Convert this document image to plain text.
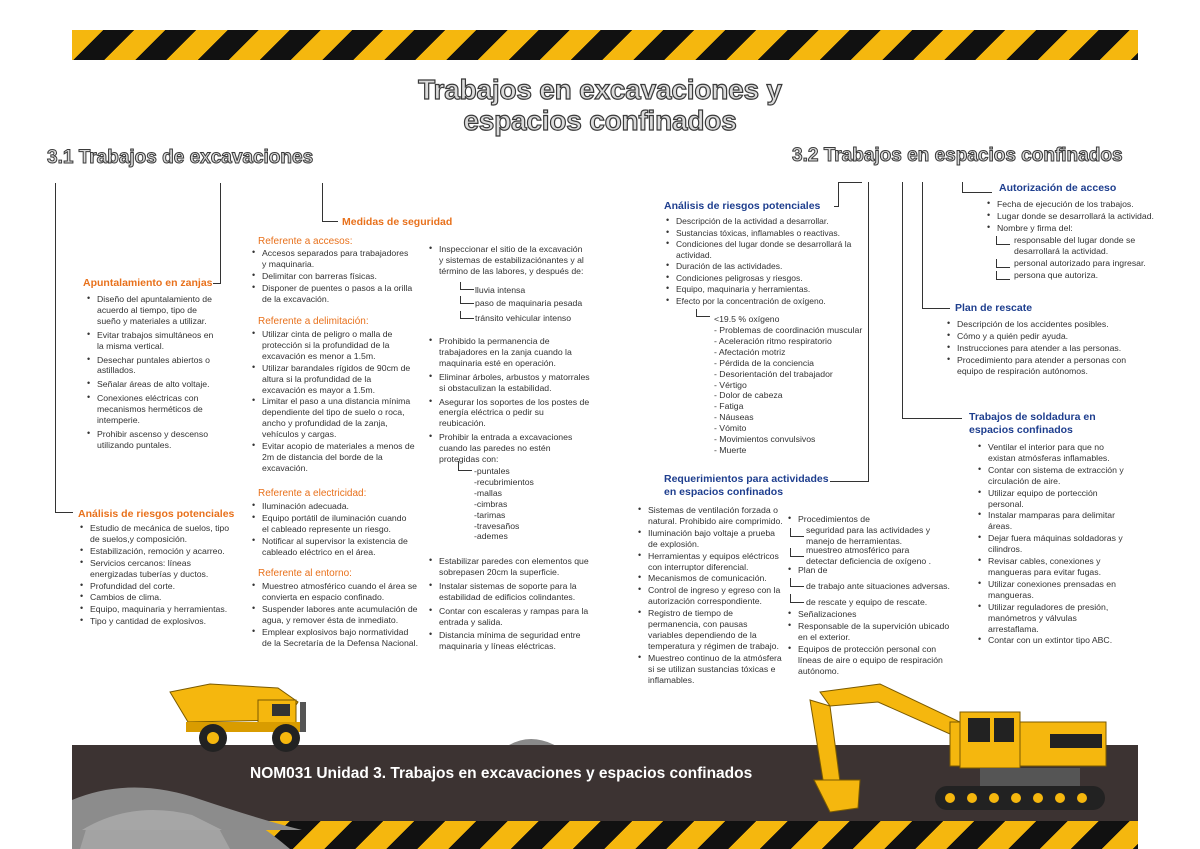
Trabajos en excavaciones y
espacios confinados
3.1 Trabajos de excavaciones	3.2 Trabajos en espacios confinados
Apuntalamiento en zanjas
• Diseño del apuntalamiento de acuerdo al tiempo, tipo de sueño y materiales a utilizar.
• Evitar trabajos simultáneos en la misma vertical.
• Desechar puntales abiertos o astillados.
• Señalar áreas de alto voltaje.
• Conexiones eléctricas con mecanismos herméticos de intemperie.
• Prohibir ascenso y descenso utilizando puntales.
Análisis de riesgos potenciales
• Estudio de mecánica de suelos, tipo de suelos,y composición.
• Estabilización, remoción y acarreo.
• Servicios cercanos: líneas energizadas tuberías y ductos.
• Profundidad del corte.
• Cambios de clima.
• Equipo, maquinaria y herramientas.
• Tipo y cantidad de explosivos.
Medidas de seguridad
Referente a accesos:
• Accesos separados para trabajadores y maquinaria.
• Delimitar con barreras físicas.
• Disponer de puentes o pasos a la orilla de la excavación.
Referente a delimitación:
• Utilizar cinta de peligro o malla de protección si la profundidad de la excavación es menor a 1.5m.
• Utilizar barandales rígidos de 90cm de altura si la profundidad de la excavación es mayor a 1.5m.
• Limitar el paso a una distancia mínima dependiente del tipo de suelo o roca, ancho y profundidad de la zanja, vehículos y cargas.
• Evitar acopio de materiales a menos de 2m de distancia del borde de la excavación.
Referente a electricidad:
• Iluminación adecuada.
• Equipo portátil de iluminación cuando el cableado represente un riesgo.
• Notificar al supervisor la existencia de cableado eléctrico en el área.
Referente al entorno:
• Muestreo atmosférico cuando el área se convierta en espacio confinado.
• Suspender labores ante acumulación de agua, y remover ésta de inmediato.
• Emplear explosivos bajo normatividad de la Secretaría de la Defensa Nacional.
• Inspeccionar el sitio de la excavación y sistemas de estabilizaciónantes y al término de las labores, y después de:
lluvia intensa
paso de maquinaria pesada
tránsito vehicular intenso
• Prohibido la permanencia de trabajadores en la zanja cuando la maquinaria esté en operación.
• Eliminar árboles, arbustos y matorrales si obstaculizan la estabilidad.
• Asegurar los soportes de los postes de energía eléctrica o pedir su reubicación.
• Prohibir la entrada a excavaciones cuando las paredes no estén protegidas con:
-puntales
-recubrimientos
-mallas
-cimbras
-tarimas
-travesaños
-ademes
• Estabilizar paredes con elementos que sobrepasen 20cm la superficie.
• Instalar sistemas de soporte para la estabilidad de edificios colindantes.
• Contar con escaleras y rampas para la entrada y salida.
• Distancia mínima de seguridad entre maquinaria y líneas eléctricas.
Análisis de riesgos potenciales
• Descripción de la actividad a desarrollar.
• Sustancias tóxicas, inflamables o reactivas.
• Condiciones del lugar donde se desarrollará la actividad.
• Duración de las actividades.
• Condiciones peligrosas y riesgos.
• Equipo, maquinaria y herramientas.
• Efecto por la concentración de oxígeno.
<19.5 % oxígeno
- Problemas de coordinación muscular
- Aceleración ritmo respiratorio
- Afectación motriz
- Pérdida de la conciencia
- Desorientación del trabajador
- Vértigo
- Dolor de cabeza
- Fatiga
- Náuseas
- Vómito
- Movimientos convulsivos
- Muerte
Requerimientos para actividades en espacios confinados
• Sistemas de ventilación forzada o natural. Prohibido aire comprimido.
• Iluminación bajo voltaje a prueba de explosión.
• Herramientas y equipos eléctricos con interruptor diferencial.
• Mecanismos de comunicación.
• Control de ingreso y egreso con la autorización correspondiente.
• Registro de tiempo de permanencia, con pausas variables dependiendo de la temperatura y régimen de trabajo.
• Muestreo continuo de la atmósfera si se utilizan sustancias tóxicas e inflamables.
• Procedimientos de
seguridad para las actividades y manejo de herramientas.
muestreo atmosférico para detectar deficiencia de oxígeno .
• Plan de
de trabajo ante situaciones adversas.
de rescate y equipo de rescate.
• Señalizaciones
• Responsable de la supervición ubicado en el exterior.
• Equipos de protección personal con líneas de aire o equipo de respiración autónomo.
Autorización de acceso
• Fecha de ejecución de los trabajos.
• Lugar donde se desarrollará la actividad.
• Nombre y firma del:
responsable del lugar donde se desarrollará la actividad.
personal autorizado para ingresar.
persona que autoriza.
Plan de rescate
• Descripción de los accidentes posibles.
• Cómo y a quién pedir ayuda.
• Instrucciones para atender a las personas.
• Procedimiento para atender a personas con equipo de respiración autónomos.
Trabajos de soldadura en espacios confinados
• Ventilar el interior para que no existan atmósferas inflamables.
• Contar con sistema de extracción y circulación de aire.
• Utilizar equipo de portección personal.
• Instalar mamparas para delimitar áreas.
• Dejar fuera máquinas soldadoras y cilindros.
• Revisar cables, conexiones y mangueras para evitar fugas.
• Utilizar conexiones prensadas en mangueras.
• Utilizar reguladores de presión, manómetros y válvulas arrestaflama.
• Contar con un extintor tipo ABC.
NOM031 Unidad 3. Trabajos en excavaciones y espacios confinados
